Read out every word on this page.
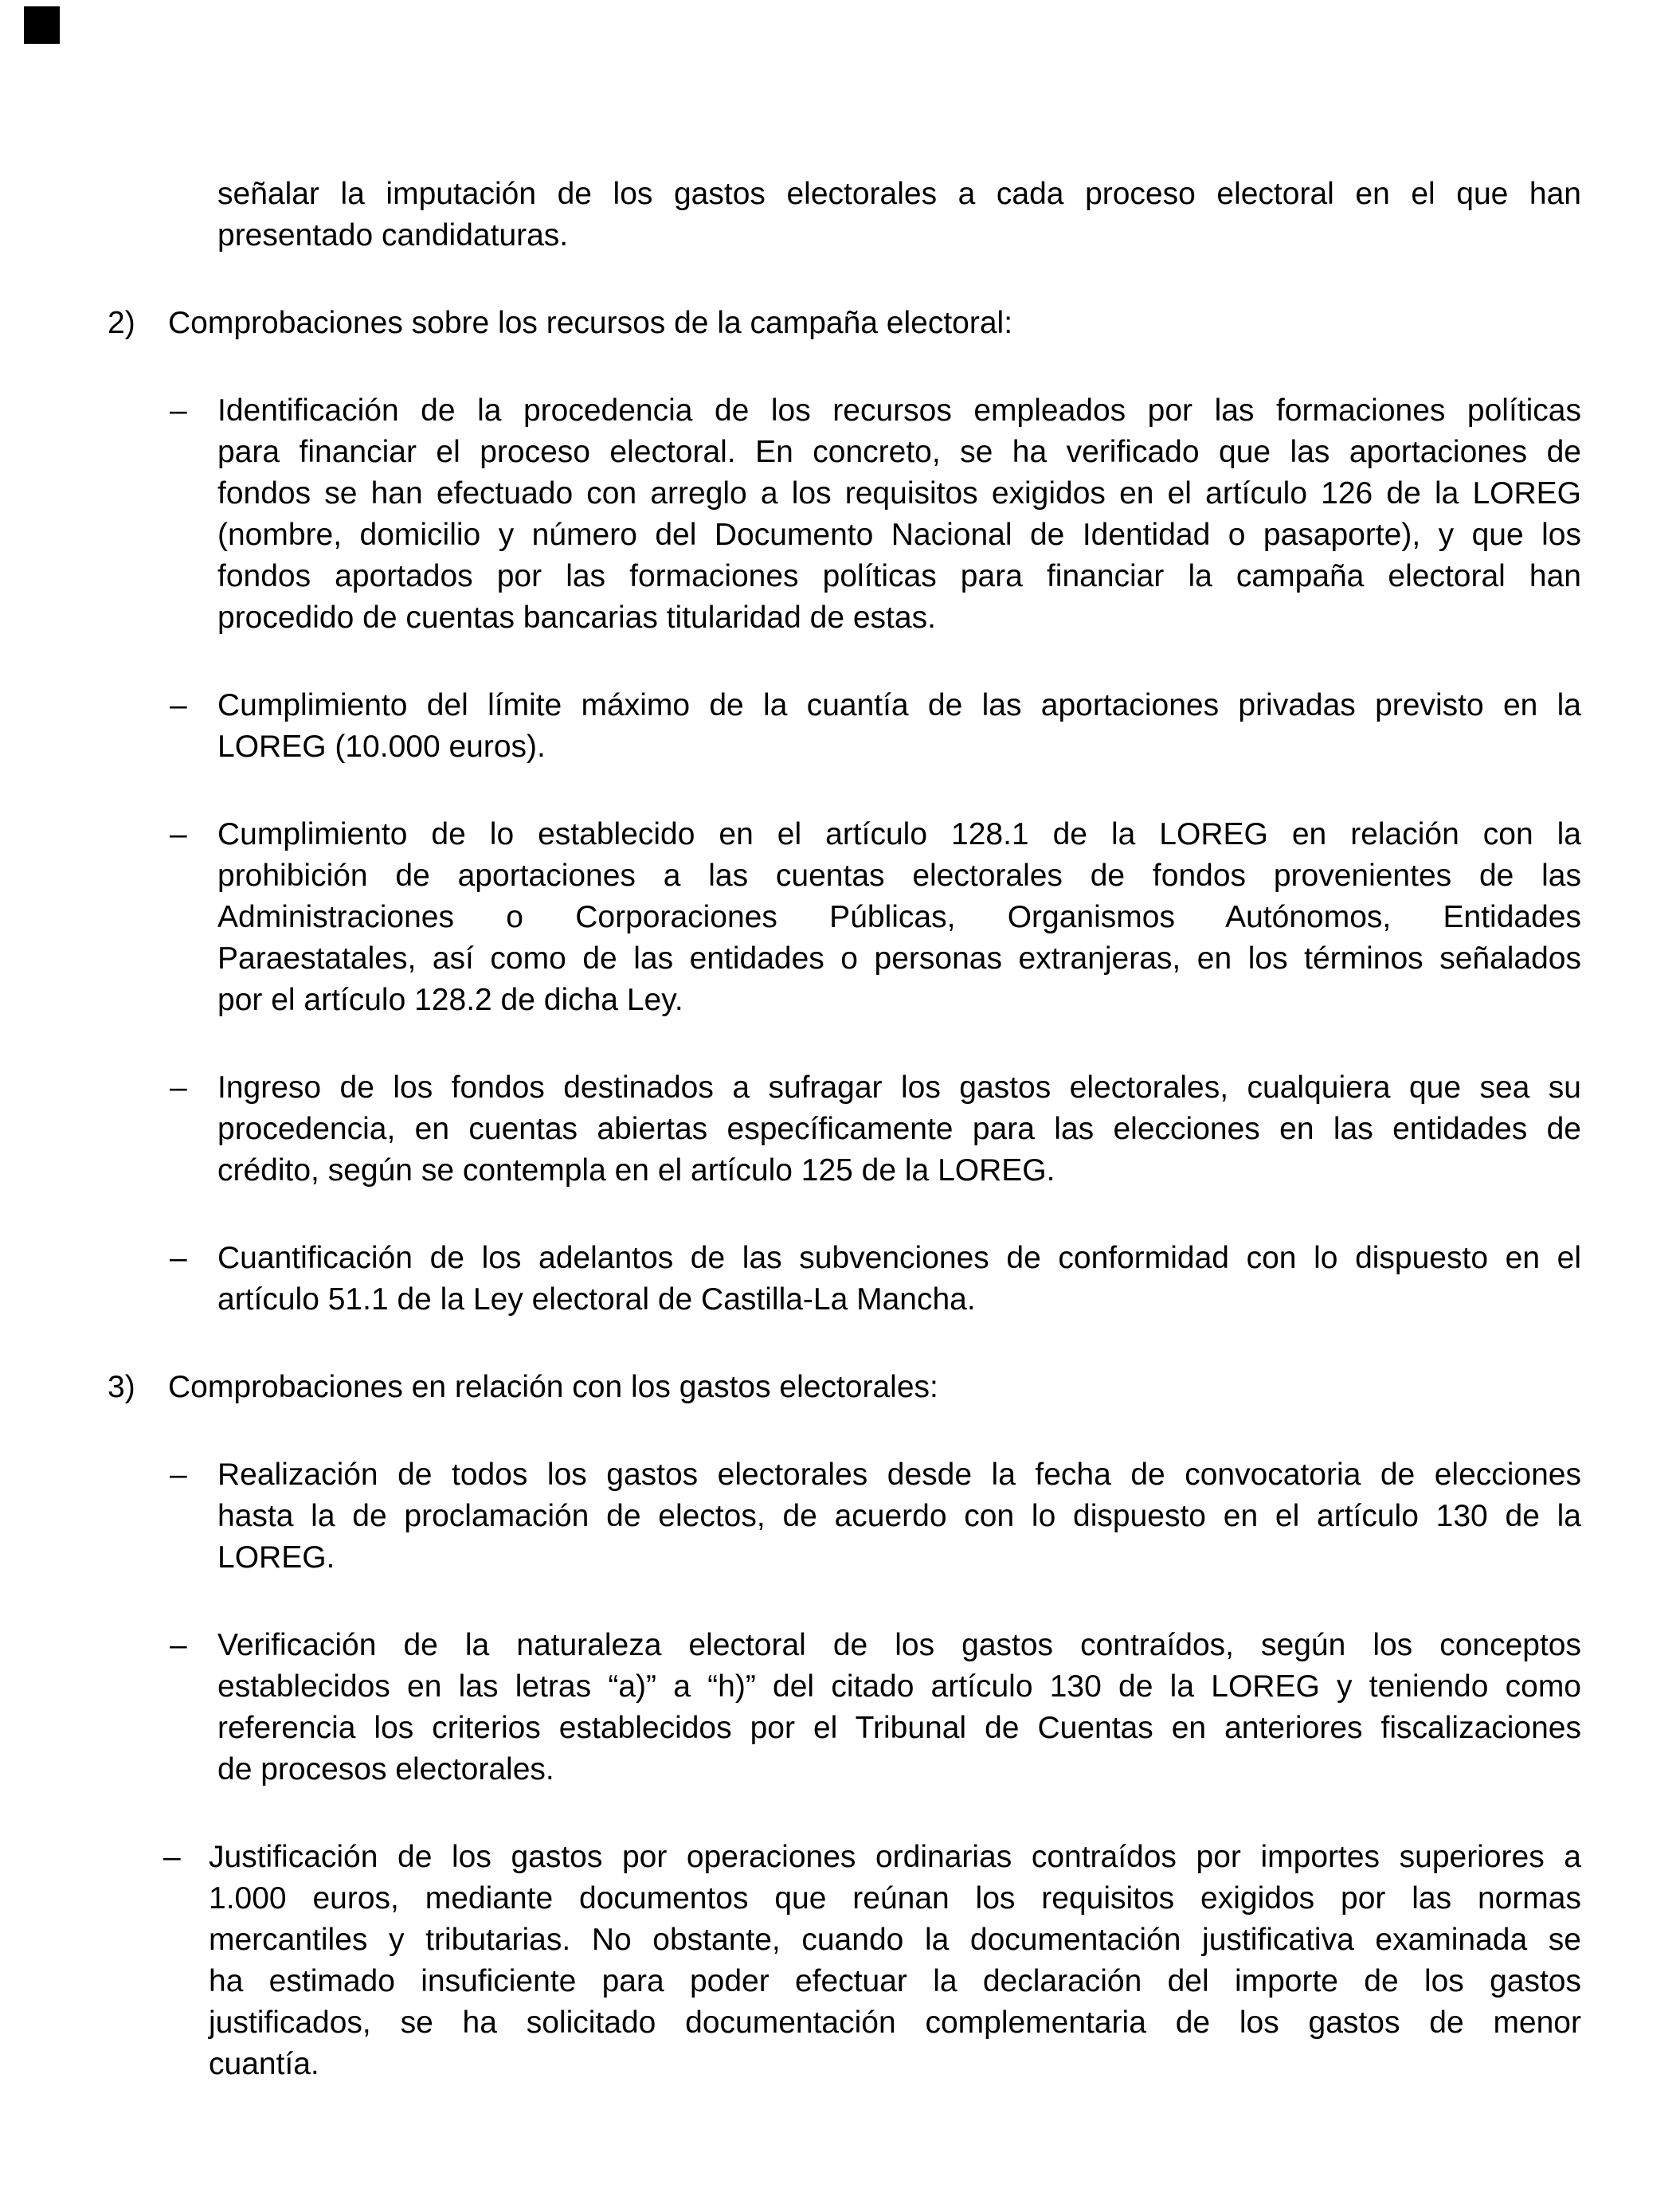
señalar la imputación de los gastos electorales a cada proceso electoral en el que han
presentado candidaturas.
2) Comprobaciones sobre los recursos de la campaña electoral:
– Identificación de la procedencia de los recursos empleados por las formaciones políticas
para financiar el proceso electoral. En concreto, se ha verificado que las aportaciones de
fondos se han efectuado con arreglo a los requisitos exigidos en el artículo 126 de la LOREG
(nombre, domicilio y número del Documento Nacional de Identidad o pasaporte), y que los
fondos aportados por las formaciones políticas para financiar la campaña electoral han
procedido de cuentas bancarias titularidad de estas.
– Cumplimiento del límite máximo de la cuantía de las aportaciones privadas previsto en la
LOREG (10.000 euros).
– Cumplimiento de lo establecido en el artículo 128.1 de la LOREG en relación con la
prohibición de aportaciones a las cuentas electorales de fondos provenientes de las
Administraciones o Corporaciones Públicas, Organismos Autónomos, Entidades
Paraestatales, así como de las entidades o personas extranjeras, en los términos señalados
por el artículo 128.2 de dicha Ley.
– Ingreso de los fondos destinados a sufragar los gastos electorales, cualquiera que sea su
procedencia, en cuentas abiertas específicamente para las elecciones en las entidades de
crédito, según se contempla en el artículo 125 de la LOREG.
– Cuantificación de los adelantos de las subvenciones de conformidad con lo dispuesto en el
artículo 51.1 de la Ley electoral de Castilla-La Mancha.
3) Comprobaciones en relación con los gastos electorales:
– Realización de todos los gastos electorales desde la fecha de convocatoria de elecciones
hasta la de proclamación de electos, de acuerdo con lo dispuesto en el artículo 130 de la
LOREG.
– Verificación de la naturaleza electoral de los gastos contraídos, según los conceptos
establecidos en las letras “a)” a “h)” del citado artículo 130 de la LOREG y teniendo como
referencia los criterios establecidos por el Tribunal de Cuentas en anteriores fiscalizaciones
de procesos electorales.
– Justificación de los gastos por operaciones ordinarias contraídos por importes superiores a
1.000 euros, mediante documentos que reúnan los requisitos exigidos por las normas
mercantiles y tributarias. No obstante, cuando la documentación justificativa examinada se
ha estimado insuficiente para poder efectuar la declaración del importe de los gastos
justificados, se ha solicitado documentación complementaria de los gastos de menor
cuantía.
